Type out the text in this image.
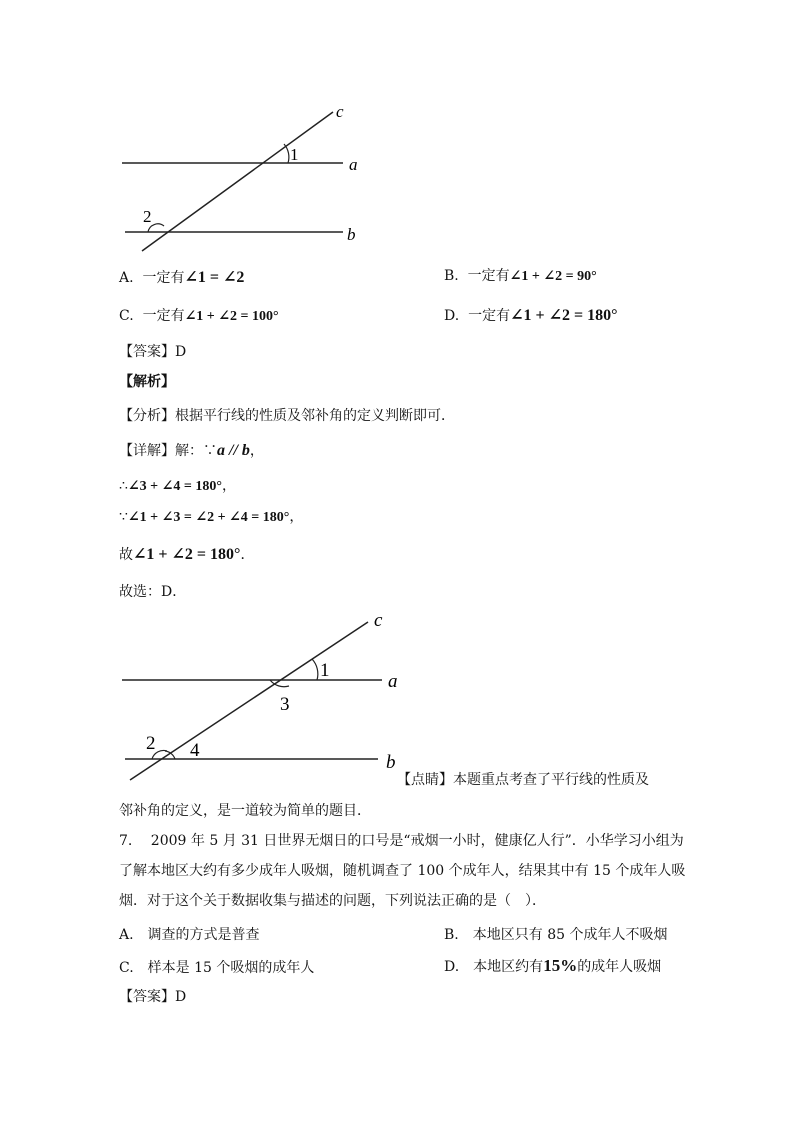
c
a
b
1
2
A. 一定有∠1 = ∠2	B. 一定有∠1 + ∠2 = 90°
C. 一定有∠1 + ∠2 = 100°	D. 一定有∠1 + ∠2 = 180°
【答案】D
【解析】
【分析】根据平行线的性质及邻补角的定义判断即可．
【详解】解：∵a // b，
∴∠3 + ∠4 = 180°，
∵∠1 + ∠3 = ∠2 + ∠4 = 180°，
故∠1 + ∠2 = 180°．
故选：D．
c
a
b
1
3
2 4
【点睛】本题重点考查了平行线的性质及
邻补角的定义，是一道较为简单的题目．
7.　 2009 年 5 月 31 日世界无烟日的口号是“戒烟一小时，健康亿人行”．小华学习小组为
了解本地区大约有多少成年人吸烟，随机调查了 100 个成年人，结果其中有 15 个成年人吸
烟．对于这个关于数据收集与描述的问题，下列说法正确的是（　）．
A.　调查的方式是普查	B.　本地区只有 85 个成年人不吸烟
C.　样本是 15 个吸烟的成年人	D.　本地区约有15%的成年人吸烟
【答案】D
